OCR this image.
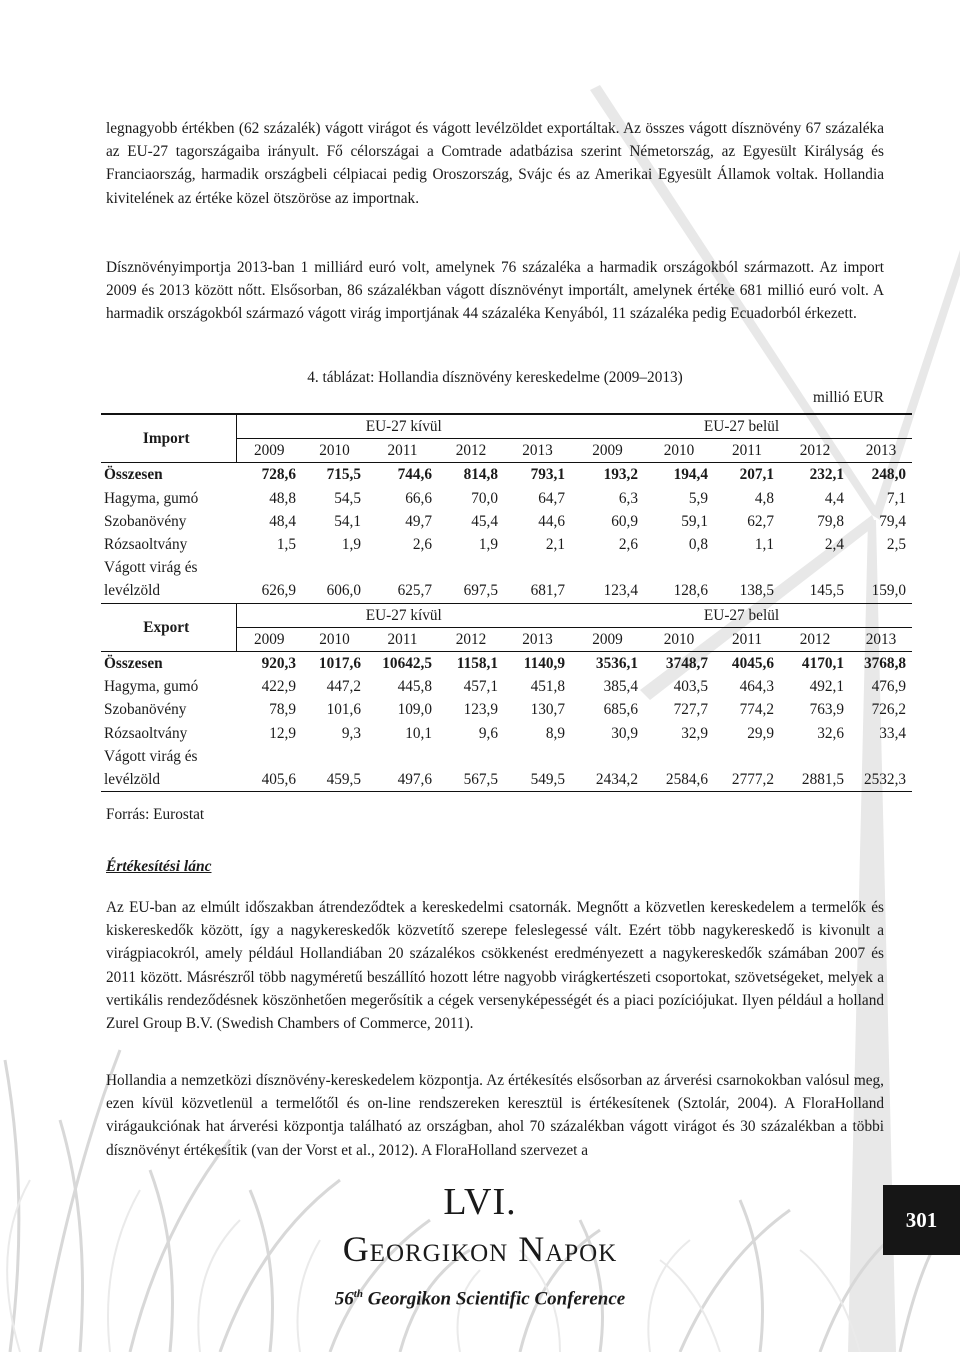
legnagyobb értékben (62 százalék) vágott virágot és vágott levélzöldet exportáltak. Az összes vágott dísznövény 67 százaléka az EU-27 tagországaiba irányult. Fő célországai a Comtrade adatbázisa szerint Németország, az Egyesült Királyság és Franciaország, harmadik országbeli célpiacai pedig Oroszország, Svájc és az Amerikai Egyesült Államok voltak. Hollandia kivitelének az értéke közel ötszöröse az importnak.

Dísznövényimportja 2013-ban 1 milliárd euró volt, amelynek 76 százaléka a harmadik országokból származott. Az import 2009 és 2013 között nőtt. Elsősorban, 86 százalékban vágott dísznövényt importált, amelynek értéke 681 millió euró volt. A harmadik országokból származó vágott virág importjának 44 százaléka Kenyából, 11 százaléka pedig Ecuadorból érkezett.

4. táblázat: Hollandia dísznövény kereskedelme (2009–2013)

millió EUR

Import	EU-27 kívül					EU-27 belül				
	2009	2010	2011	2012	2013	2009	2010	2011	2012	2013
Összesen	728,6	715,5	744,6	814,8	793,1	193,2	194,4	207,1	232,1	248,0
Hagyma, gumó	48,8	54,5	66,6	70,0	64,7	6,3	5,9	4,8	4,4	7,1
Szobanövény	48,4	54,1	49,7	45,4	44,6	60,9	59,1	62,7	79,8	79,4
Rózsaoltvány	1,5	1,9	2,6	1,9	2,1	2,6	0,8	1,1	2,4	2,5
Vágott virág és										
levélzöld	626,9	606,0	625,7	697,5	681,7	123,4	128,6	138,5	145,5	159,0
Export	EU-27 kívül					EU-27 belül				
	2009	2010	2011	2012	2013	2009	2010	2011	2012	2013
Összesen	920,3	1017,6	10642,5	1158,1	1140,9	3536,1	3748,7	4045,6	4170,1	3768,8
Hagyma, gumó	422,9	447,2	445,8	457,1	451,8	385,4	403,5	464,3	492,1	476,9
Szobanövény	78,9	101,6	109,0	123,9	130,7	685,6	727,7	774,2	763,9	726,2
Rózsaoltvány	12,9	9,3	10,1	9,6	8,9	30,9	32,9	29,9	32,6	33,4
Vágott virág és										
levélzöld	405,6	459,5	497,6	567,5	549,5	2434,2	2584,6	2777,2	2881,5	2532,3

Forrás: Eurostat

Értékesítési lánc

Az EU-ban az elmúlt időszakban átrendeződtek a kereskedelmi csatornák. Megnőtt a közvetlen kereskedelem a termelők és kiskereskedők között, így a nagykereskedők közvetítő szerepe feleslegessé vált. Ezért több nagykereskedő is kivonult a virágpiacokról, amely például Hollandiában 20 százalékos csökkenést eredményezett a nagykereskedők számában 2007 és 2011 között. Másrészről több nagyméretű beszállító hozott létre nagyobb virágkertészeti csoportokat, szövetségeket, melyek a vertikális rendeződésnek köszönhetően megerősítik a cégek versenyképességét és a piaci pozíciójukat. Ilyen például a holland Zurel Group B.V. (Swedish Chambers of Commerce, 2011).

Hollandia a nemzetközi dísznövény-kereskedelem központja. Az értékesítés elsősorban az árverési csarnokokban valósul meg, ezen kívül közvetlenül a termelőtől és on-line rendszereken keresztül is értékesítenek (Sztolár, 2004). A FloraHolland virágaukciónak hat árverési központja található az országban, ahol 70 százalékban vágott virágot és 30 százalékban a többi dísznövényt értékesítik (van der Vorst et al., 2012). A FloraHolland szervezet a

LVI.
Georgikon Napok
56th Georgikon Scientific Conference
301
